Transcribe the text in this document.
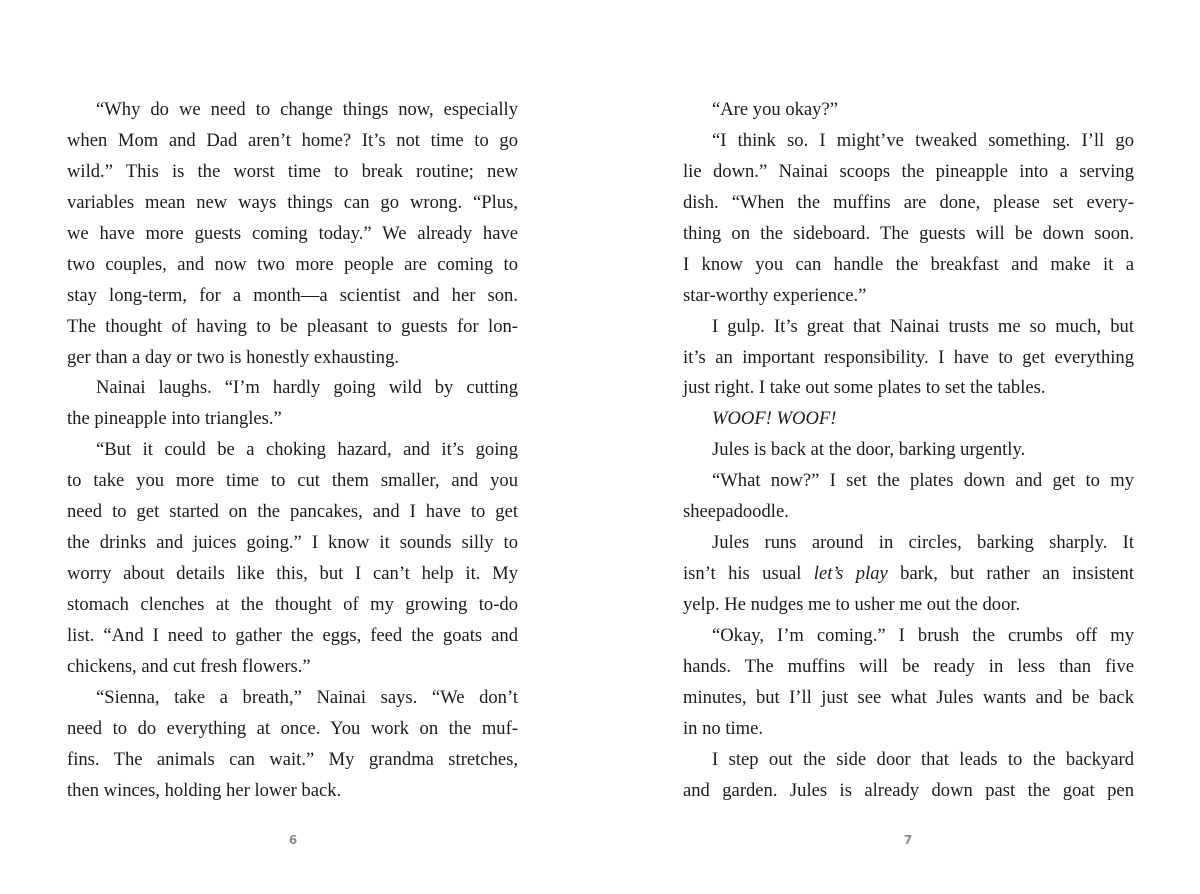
“Why do we need to change things now, especially
when Mom and Dad aren’t home? It’s not time to go
wild.” This is the worst time to break routine; new
variables mean new ways things can go wrong. “Plus,
we have more guests coming today.” We already have
two couples, and now two more people are coming to
stay long-term, for a month—a scientist and her son.
The thought of having to be pleasant to guests for lon-
ger than a day or two is honestly exhausting.
Nainai laughs. “I’m hardly going wild by cutting
the pineapple into triangles.”
“But it could be a choking hazard, and it’s going
to take you more time to cut them smaller, and you
need to get started on the pancakes, and I have to get
the drinks and juices going.” I know it sounds silly to
worry about details like this, but I can’t help it. My
stomach clenches at the thought of my growing to-do
list. “And I need to gather the eggs, feed the goats and
chickens, and cut fresh flowers.”
“Sienna, take a breath,” Nainai says. “We don’t
need to do everything at once. You work on the muf-
fins. The animals can wait.” My grandma stretches,
then winces, holding her lower back.
“Are you okay?”
“I think so. I might’ve tweaked something. I’ll go
lie down.” Nainai scoops the pineapple into a serving
dish. “When the muffins are done, please set every-
thing on the sideboard. The guests will be down soon.
I know you can handle the breakfast and make it a
star-worthy experience.”
I gulp. It’s great that Nainai trusts me so much, but
it’s an important responsibility. I have to get everything
just right. I take out some plates to set the tables.
WOOF! WOOF!
Jules is back at the door, barking urgently.
“What now?” I set the plates down and get to my
sheepadoodle.
Jules runs around in circles, barking sharply. It
isn’t his usual let’s play bark, but rather an insistent
yelp. He nudges me to usher me out the door.
“Okay, I’m coming.” I brush the crumbs off my
hands. The muffins will be ready in less than five
minutes, but I’ll just see what Jules wants and be back
in no time.
I step out the side door that leads to the backyard
and garden. Jules is already down past the goat pen
6	7
